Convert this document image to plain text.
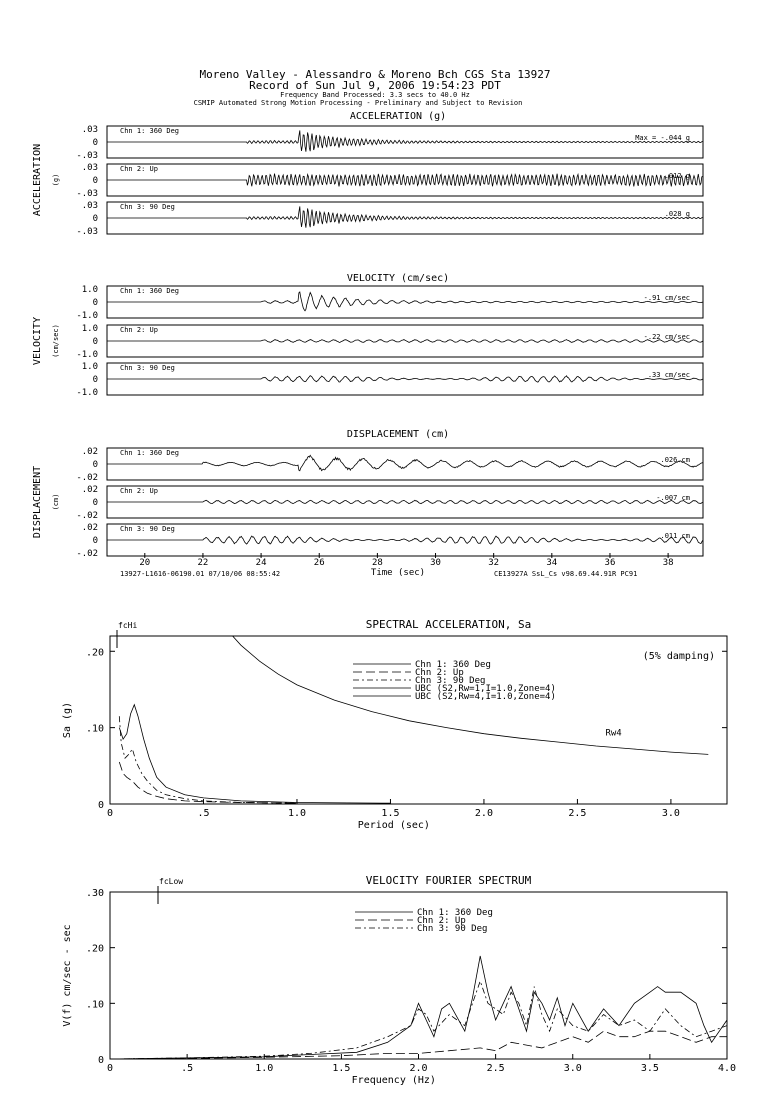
Moreno Valley - Alessandro & Moreno Bch CGS Sta 13927
Record of Sun Jul 9, 2006 19:54:23 PDT
Frequency Band Processed: 3.3 secs to 40.0 Hz
CSMIP Automated Strong Motion Processing - Preliminary and Subject to Revision
ACCELERATION (g)
ACCELERATION (g)
.03
0
-.03
Chn 1: 360 Deg
Max = -.044 g
.03
0
-.03
Chn 2: Up
.012 g
.03
0
-.03
Chn 3: 90 Deg
.028 g
VELOCITY (cm/sec)
VELOCITY (cm/sec)
1.0
0
-1.0
Chn 1: 360 Deg
-.91 cm/sec
1.0
0
-1.0
Chn 2: Up
-.22 cm/sec
1.0
0
-1.0
Chn 3: 90 Deg
.33 cm/sec
DISPLACEMENT (cm)
DISPLACEMENT (cm)
.02
0
-.02
Chn 1: 360 Deg
.026 cm
.02
0
-.02
Chn 2: Up
-.007 cm
.02
0
-.02
Chn 3: 90 Deg
.011 cm
20	22	24	26	28	30	32	34	36	38
Time (sec)
13927-L1616-06190.01 07/10/06 08:55:42	CE13927A SsL_Cs v98.69.44.91R PC91
SPECTRAL ACCELERATION, Sa
Period (sec)
Sa (g)
0	.5	1.0	1.5	2.0	2.5	3.0
0
.10
.20
fcHi
Chn 1: 360 Deg
Chn 2: Up
Chn 3: 90 Deg
UBC (S2,Rw=1,I=1.0,Zone=4)
UBC (S2,Rw=4,I=1.0,Zone=4)
(5% damping)
Rw4
VELOCITY FOURIER SPECTRUM
Frequency (Hz)
V(f) cm/sec - sec
0	.5	1.0	1.5	2.0	2.5	3.0	3.5	4.0
0
.10
.20
.30
fcLow
Chn 1: 360 Deg
Chn 2: Up
Chn 3: 90 Deg
